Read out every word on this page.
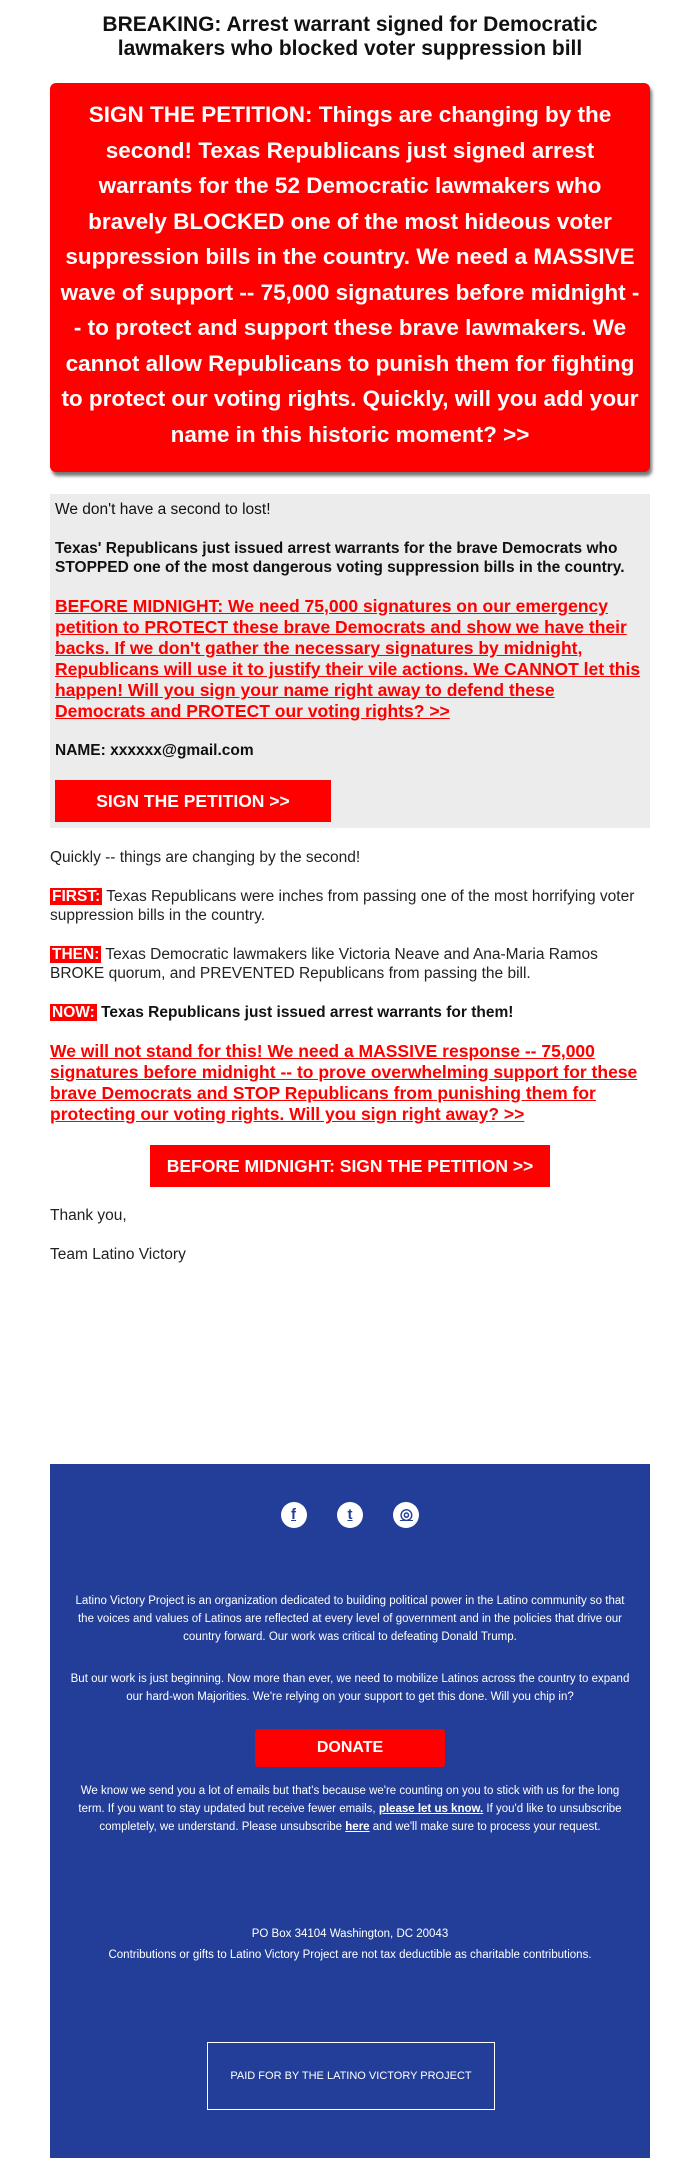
BREAKING: Arrest warrant signed for Democratic lawmakers who blocked voter suppression bill
SIGN THE PETITION: Things are changing by the second! Texas Republicans just signed arrest warrants for the 52 Democratic lawmakers who bravely BLOCKED one of the most hideous voter suppression bills in the country. We need a MASSIVE wave of support -- 75,000 signatures before midnight -- to protect and support these brave lawmakers. We cannot allow Republicans to punish them for fighting to protect our voting rights. Quickly, will you add your name in this historic moment? >>

We don't have a second to lost!

Texas' Republicans just issued arrest warrants for the brave Democrats who STOPPED one of the most dangerous voting suppression bills in the country.

BEFORE MIDNIGHT: We need 75,000 signatures on our emergency petition to PROTECT these brave Democrats and show we have their backs. If we don't gather the necessary signatures by midnight, Republicans will use it to justify their vile actions. We CANNOT let this happen! Will you sign your name right away to defend these Democrats and PROTECT our voting rights? >>

NAME: xxxxxx@gmail.com

SIGN THE PETITION >>

Quickly -- things are changing by the second!

FIRST: Texas Republicans were inches from passing one of the most horrifying voter suppression bills in the country.

THEN: Texas Democratic lawmakers like Victoria Neave and Ana-Maria Ramos BROKE quorum, and PREVENTED Republicans from passing the bill.

NOW: Texas Republicans just issued arrest warrants for them!

We will not stand for this! We need a MASSIVE response -- 75,000 signatures before midnight -- to prove overwhelming support for these brave Democrats and STOP Republicans from punishing them for protecting our voting rights. Will you sign right away? >>

BEFORE MIDNIGHT: SIGN THE PETITION >>

Thank you,

Team Latino Victory

f	t	◎

Latino Victory Project is an organization dedicated to building political power in the Latino community so that the voices and values of Latinos are reflected at every level of government and in the policies that drive our country forward. Our work was critical to defeating Donald Trump.

But our work is just beginning. Now more than ever, we need to mobilize Latinos across the country to expand our hard-won Majorities. We're relying on your support to get this done. Will you chip in?

DONATE

We know we send you a lot of emails but that's because we're counting on you to stick with us for the long term. If you want to stay updated but receive fewer emails, please let us know. If you'd like to unsubscribe completely, we understand. Please unsubscribe here and we'll make sure to process your request.

PO Box 34104 Washington, DC 20043

Contributions or gifts to Latino Victory Project are not tax deductible as charitable contributions.

PAID FOR BY THE LATINO VICTORY PROJECT
